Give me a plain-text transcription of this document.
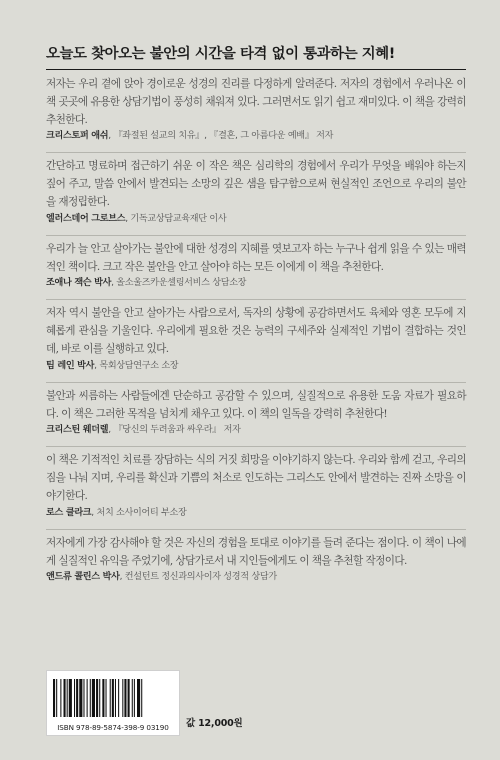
오늘도 찾아오는 불안의 시간을 타격 없이 통과하는 지혜!

저자는 우리 곁에 앉아 경이로운 성경의 진리를 다정하게 알려준다. 저자의 경험에서 우러나온 이 책 곳곳에 유용한 상담기법이 풍성히 채워져 있다. 그러면서도 읽기 쉽고 재미있다. 이 책을 강력히 추천한다.

크리스토퍼 애쉬, 『좌절된 설교의 치유』, 『결혼, 그 아름다운 예배』 저자

간단하고 명료하며 접근하기 쉬운 이 작은 책은 심리학의 경험에서 우리가 무엇을 배워야 하는지 짚어 주고, 말씀 안에서 발견되는 소망의 깊은 샘을 탐구함으로써 현실적인 조언으로 우리의 불안을 재정립한다.

엘러스데어 그로브스, 기독교상담교육재단 이사

우리가 늘 안고 살아가는 불안에 대한 성경의 지혜를 엿보고자 하는 누구나 쉽게 읽을 수 있는 매력적인 책이다. 크고 작은 불안을 안고 살아야 하는 모든 이에게 이 책을 추천한다.

조애나 잭슨 박사, 올소울즈카운셀링서비스 상담소장

저자 역시 불안을 안고 살아가는 사람으로서, 독자의 상황에 공감하면서도 육체와 영혼 모두에 지혜롭게 관심을 기울인다. 우리에게 필요한 것은 능력의 구세주와 실제적인 기법이 결합하는 것인데, 바로 이를 실행하고 있다.

팀 레인 박사, 목회상담연구소 소장

불안과 씨름하는 사람들에겐 단순하고 공감할 수 있으며, 실질적으로 유용한 도움 자료가 필요하다. 이 책은 그러한 목적을 넘치게 채우고 있다. 이 책의 일독을 강력히 추천한다!

크리스틴 웨더렐, 『당신의 두려움과 싸우라』 저자

이 책은 기적적인 치료를 장담하는 식의 거짓 희망을 이야기하지 않는다. 우리와 함께 걷고, 우리의 짐을 나눠 지며, 우리를 확신과 기쁨의 처소로 인도하는 그리스도 안에서 발견하는 진짜 소망을 이야기한다.

로스 클라크, 처치 소사이어티 부소장

저자에게 가장 감사해야 할 것은 자신의 경험을 토대로 이야기를 들려 준다는 점이다. 이 책이 나에게 실질적인 유익을 주었기에, 상담가로서 내 지인들에게도 이 책을 추천할 작정이다.

앤드류 콜린스 박사, 컨설턴트 정신과의사이자 성경적 상담가

ISBN 978-89-5874-398-9 03190	값 12,000원
